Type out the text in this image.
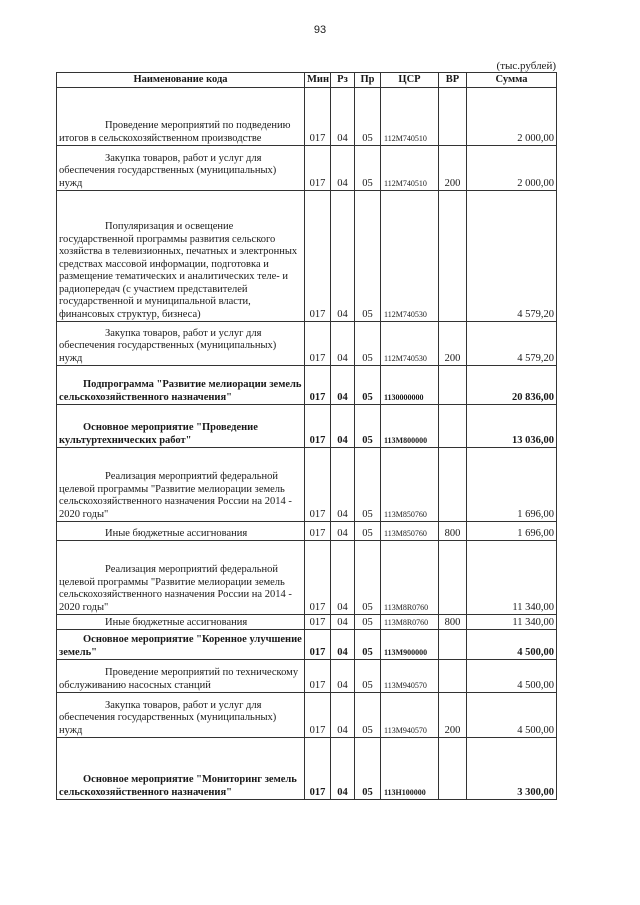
93
(тыс.рублей)
Наименование кода	Мин	Рз	Пр	ЦСР	ВР	Сумма
Проведение мероприятий по подведению итогов в сельскохозяйственном производстве	017	04	05	112М740510		2 000,00
Закупка товаров, работ и услуг для обеспечения государственных (муниципальных) нужд	017	04	05	112М740510	200	2 000,00
Популяризация и освещение государственной программы развития сельского хозяйства в телевизионных, печатных и электронных средствах массовой информации, подготовка и размещение тематических и аналитических теле- и радиопередач (с участием представителей государственной и муниципальной власти, финансовых структур, бизнеса)	017	04	05	112М740530		4 579,20
Закупка товаров, работ и услуг для обеспечения государственных (муниципальных) нужд	017	04	05	112М740530	200	4 579,20
Подпрограмма "Развитие мелиорации земель сельскохозяйственного назначения"	017	04	05	1130000000		20 836,00
Основное мероприятие "Проведение культуртехнических работ"	017	04	05	113М800000		13 036,00
Реализация мероприятий федеральной целевой программы "Развитие мелиорации земель сельскохозяйственного назначения России на 2014 - 2020 годы"	017	04	05	113М850760		1 696,00
Иные бюджетные ассигнования	017	04	05	113М850760	800	1 696,00
Реализация мероприятий федеральной целевой программы "Развитие мелиорации земель сельскохозяйственного назначения России на 2014 - 2020 годы"	017	04	05	113М8R0760		11 340,00
Иные бюджетные ассигнования	017	04	05	113М8R0760	800	11 340,00
Основное мероприятие "Коренное улучшение земель"	017	04	05	113М900000		4 500,00
Проведение мероприятий по техническому обслуживанию насосных станций	017	04	05	113М940570		4 500,00
Закупка товаров, работ и услуг для обеспечения государственных (муниципальных) нужд	017	04	05	113М940570	200	4 500,00
Основное мероприятие "Мониторинг земель сельскохозяйственного назначения"	017	04	05	113Н100000		3 300,00
